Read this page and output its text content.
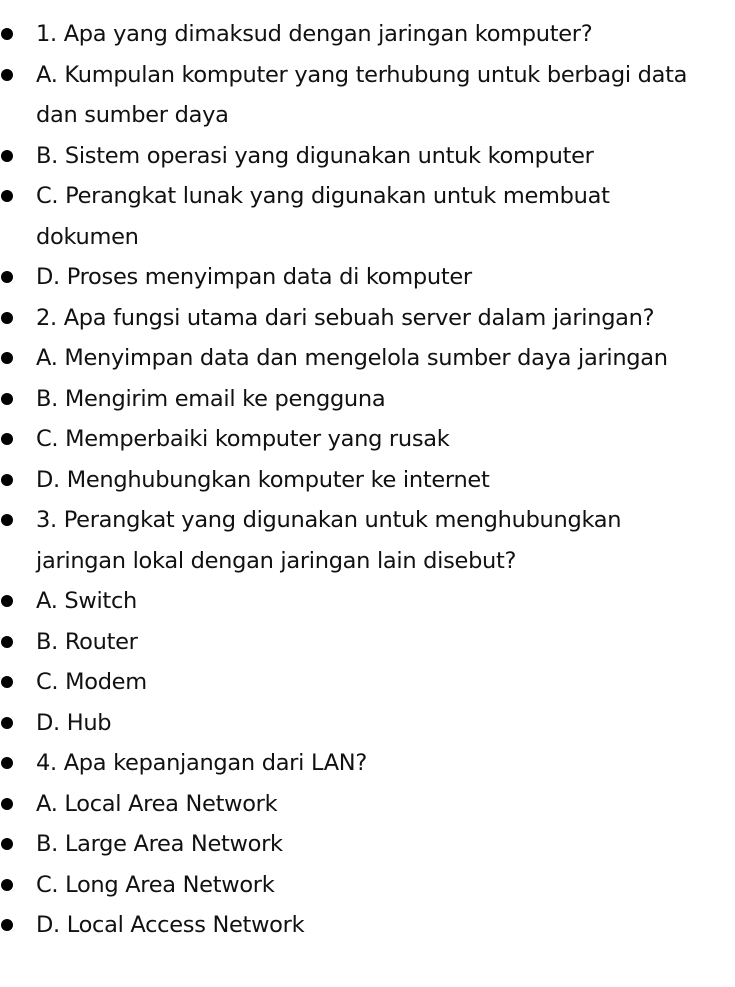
1. Apa yang dimaksud dengan jaringan komputer?
A. Kumpulan komputer yang terhubung untuk berbagi data dan sumber daya
B. Sistem operasi yang digunakan untuk komputer
C. Perangkat lunak yang digunakan untuk membuat dokumen
D. Proses menyimpan data di komputer
2. Apa fungsi utama dari sebuah server dalam jaringan?
A. Menyimpan data dan mengelola sumber daya jaringan
B. Mengirim email ke pengguna
C. Memperbaiki komputer yang rusak
D. Menghubungkan komputer ke internet
3. Perangkat yang digunakan untuk menghubungkan jaringan lokal dengan jaringan lain disebut?
A. Switch
B. Router
C. Modem
D. Hub
4. Apa kepanjangan dari LAN?
A. Local Area Network
B. Large Area Network
C. Long Area Network
D. Local Access Network
